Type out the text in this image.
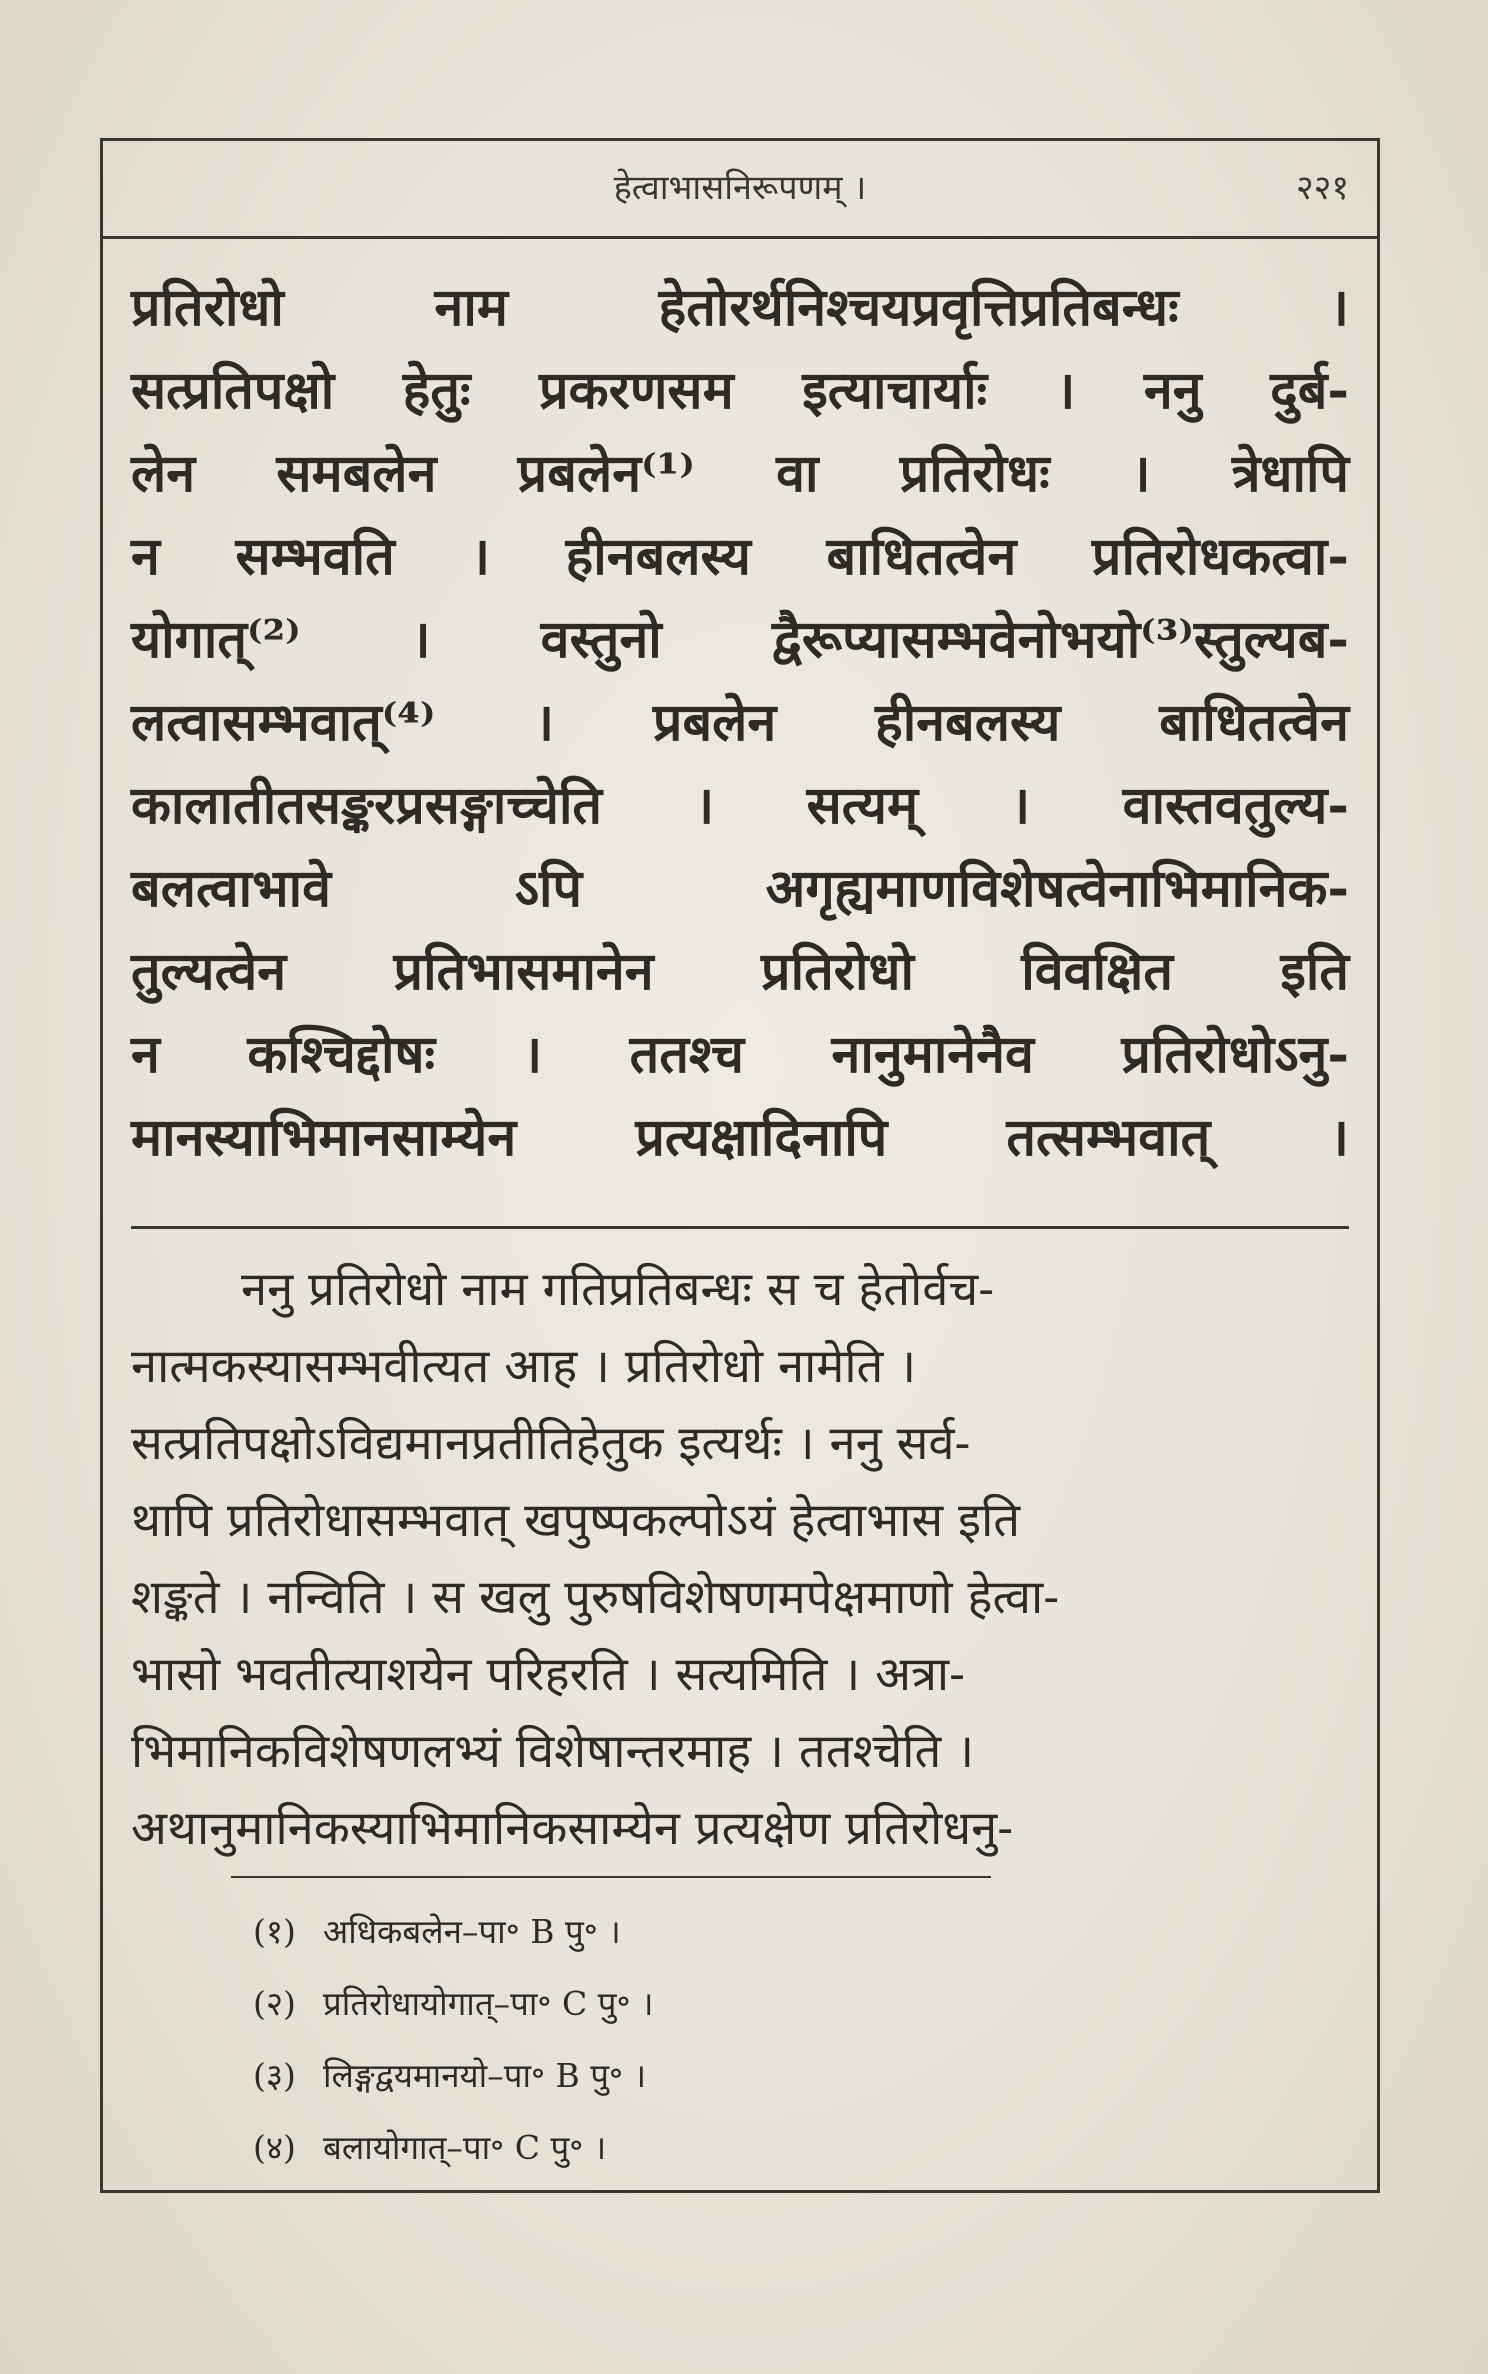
हेत्वाभासनिरूपणम् ।	२२१

प्रतिरोधो नाम हेतोरर्थनिश्चयप्रवृत्तिप्रतिबन्धः ।

सत्प्रतिपक्षो हेतुः प्रकरणसम इत्याचार्याः । ननु दुर्ब-

लेन समबलेन प्रबलेन⁽¹⁾ वा प्रतिरोधः । त्रेधापि

न सम्भवति । हीनबलस्य बाधितत्वेन प्रतिरोधकत्वा-

योगात्⁽²⁾ । वस्तुनो द्वैरूप्यासम्भवेनोभयो⁽³⁾स्तुल्यब-

लत्वासम्भवात्⁽⁴⁾ । प्रबलेन हीनबलस्य बाधितत्वेन

कालातीतसङ्करप्रसङ्गाच्चेति । सत्यम् । वास्तवतुल्य-

बलत्वाभावे ऽपि अगृह्यमाणविशेषत्वेनाभिमानिक-

तुल्यत्वेन प्रतिभासमानेन प्रतिरोधो विवक्षित इति

न कश्चिद्दोषः । ततश्च नानुमानेनैव प्रतिरोधोऽनु-

मानस्याभिमानसाम्येन प्रत्यक्षादिनापि तत्सम्भवात् ।

ननु प्रतिरोधो नाम गतिप्रतिबन्धः स च हेतोर्वच-

नात्मकस्यासम्भवीत्यत आह । प्रतिरोधो नामेति ।

सत्प्रतिपक्षोऽविद्यमानप्रतीतिहेतुक इत्यर्थः । ननु सर्व-

थापि प्रतिरोधासम्भवात् खपुष्पकल्पोऽयं हेत्वाभास इति

शङ्कते । नन्विति । स खलु पुरुषविशेषणमपेक्षमाणो हेत्वा-

भासो भवतीत्याशयेन परिहरति । सत्यमिति । अत्रा-

भिमानिकविशेषणलभ्यं विशेषान्तरमाह । ततश्चेति ।

अथानुमानिकस्याभिमानिकसाम्येन प्रत्यक्षेण प्रतिरोधनु-

(१) अधिकबलेन–पा॰ B पु॰ ।
(२) प्रतिरोधायोगात्–पा॰ C पु॰ ।
(३) लिङ्गद्वयमानयो–पा॰ B पु॰ ।
(४) बलायोगात्–पा॰ C पु॰ ।
